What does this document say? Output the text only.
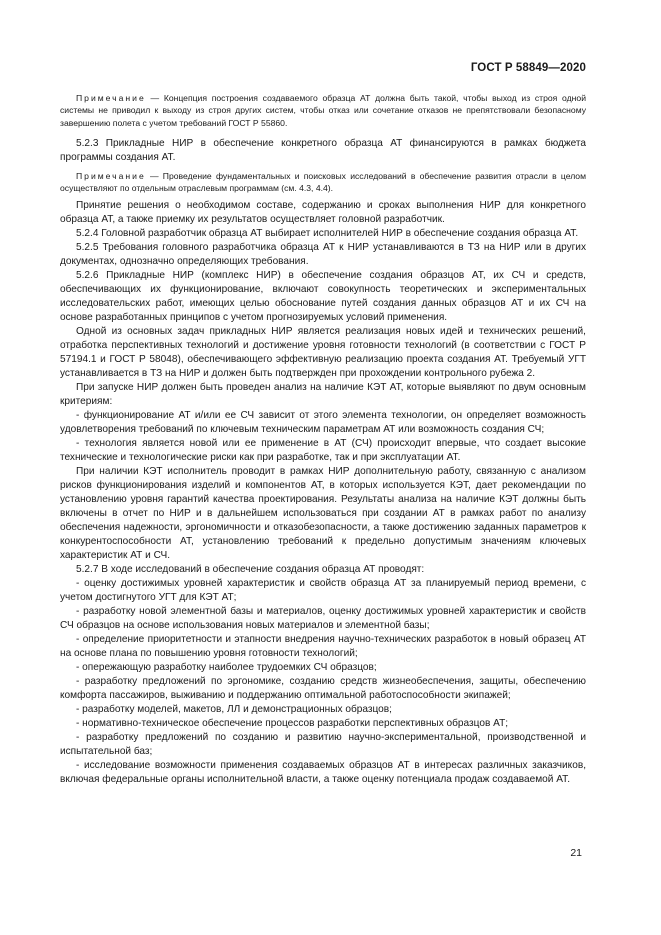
ГОСТ Р 58849—2020

Примечание — Концепция построения создаваемого образца АТ должна быть такой, чтобы выход из строя одной системы не приводил к выходу из строя других систем, чтобы отказ или сочетание отказов не препятствовали безопасному завершению полета с учетом требований ГОСТ Р 55860.

5.2.3 Прикладные НИР в обеспечение конкретного образца АТ финансируются в рамках бюджета программы создания АТ.

Примечание — Проведение фундаментальных и поисковых исследований в обеспечение развития отрасли в целом осуществляют по отдельным отраслевым программам (см. 4.3, 4.4).

Принятие решения о необходимом составе, содержанию и сроках выполнения НИР для конкретного образца АТ, а также приемку их результатов осуществляет головной разработчик.

5.2.4 Головной разработчик образца АТ выбирает исполнителей НИР в обеспечение создания образца АТ.

5.2.5 Требования головного разработчика образца АТ к НИР устанавливаются в ТЗ на НИР или в других документах, однозначно определяющих требования.

5.2.6 Прикладные НИР (комплекс НИР) в обеспечение создания образцов АТ, их СЧ и средств, обеспечивающих их функционирование, включают совокупность теоретических и экспериментальных исследовательских работ, имеющих целью обоснование путей создания данных образцов АТ и их СЧ на основе разработанных принципов с учетом прогнозируемых условий применения.

Одной из основных задач прикладных НИР является реализация новых идей и технических решений, отработка перспективных технологий и достижение уровня готовности технологий (в соответствии с ГОСТ Р 57194.1 и ГОСТ Р 58048), обеспечивающего эффективную реализацию проекта создания АТ. Требуемый УГТ устанавливается в ТЗ на НИР и должен быть подтвержден при прохождении контрольного рубежа 2.

При запуске НИР должен быть проведен анализ на наличие КЭТ АТ, которые выявляют по двум основным критериям:

- функционирование АТ и/или ее СЧ зависит от этого элемента технологии, он определяет возможность удовлетворения требований по ключевым техническим параметрам АТ или возможность создания СЧ;

- технология является новой или ее применение в АТ (СЧ) происходит впервые, что создает высокие технические и технологические риски как при разработке, так и при эксплуатации АТ.

При наличии КЭТ исполнитель проводит в рамках НИР дополнительную работу, связанную с анализом рисков функционирования изделий и компонентов АТ, в которых используется КЭТ, дает рекомендации по установлению уровня гарантий качества проектирования. Результаты анализа на наличие КЭТ должны быть включены в отчет по НИР и в дальнейшем использоваться при создании АТ в рамках работ по анализу обеспечения надежности, эргономичности и отказобезопасности, а также достижению заданных параметров к конкурентоспособности АТ, установлению требований к предельно допустимым значениям ключевых характеристик АТ и СЧ.

5.2.7 В ходе исследований в обеспечение создания образца АТ проводят:

- оценку достижимых уровней характеристик и свойств образца АТ за планируемый период времени, с учетом достигнутого УГТ для КЭТ АТ;

- разработку новой элементной базы и материалов, оценку достижимых уровней характеристик и свойств СЧ образцов на основе использования новых материалов и элементной базы;

- определение приоритетности и этапности внедрения научно-технических разработок в новый образец АТ на основе плана по повышению уровня готовности технологий;

- опережающую разработку наиболее трудоемких СЧ образцов;

- разработку предложений по эргономике, созданию средств жизнеобеспечения, защиты, обеспечению комфорта пассажиров, выживанию и поддержанию оптимальной работоспособности экипажей;

- разработку моделей, макетов, ЛЛ и демонстрационных образцов;

- нормативно-техническое обеспечение процессов разработки перспективных образцов АТ;

- разработку предложений по созданию и развитию научно-экспериментальной, производственной и испытательной баз;

- исследование возможности применения создаваемых образцов АТ в интересах различных заказчиков, включая федеральные органы исполнительной власти, а также оценку потенциала продаж создаваемой АТ.

21
